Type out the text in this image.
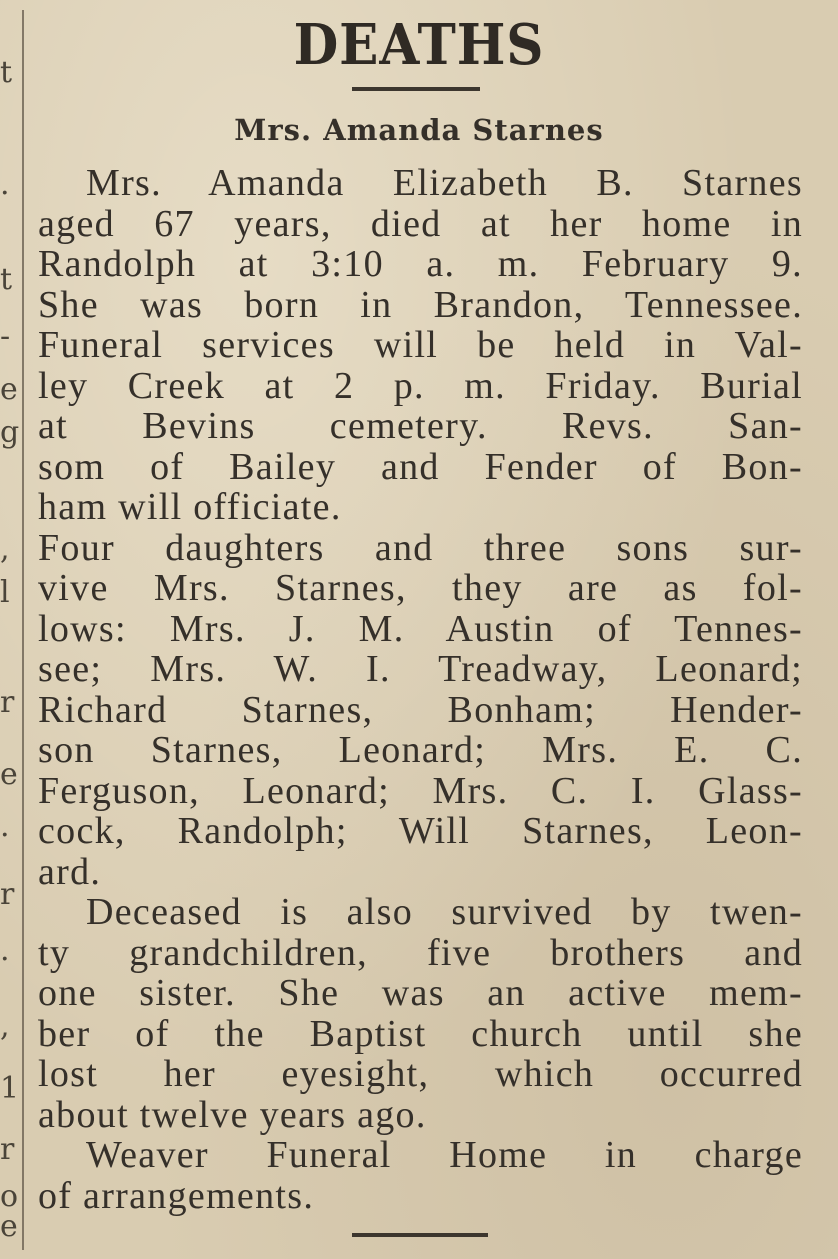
t
.
t
-
e
g
,
l
r
e
.
r
.
,
1
r
o
e
DEATHS
Mrs. Amanda Starnes
Mrs. Amanda Elizabeth B. Starnes
aged 67 years, died at her home in
Randolph at 3:10 a. m. February 9.
She was born in Brandon, Tennessee.
Funeral services will be held in Val-
ley Creek at 2 p. m. Friday. Burial
at Bevins cemetery. Revs. San-
som of Bailey and Fender of Bon-
ham will officiate.
Four daughters and three sons sur-
vive Mrs. Starnes, they are as fol-
lows: Mrs. J. M. Austin of Tennes-
see; Mrs. W. I. Treadway, Leonard;
Richard Starnes, Bonham; Hender-
son Starnes, Leonard; Mrs. E. C.
Ferguson, Leonard; Mrs. C. I. Glass-
cock, Randolph; Will Starnes, Leon-
ard.
Deceased is also survived by twen-
ty grandchildren, five brothers and
one sister. She was an active mem-
ber of the Baptist church until she
lost her eyesight, which occurred
about twelve years ago.
Weaver Funeral Home in charge
of arrangements.
